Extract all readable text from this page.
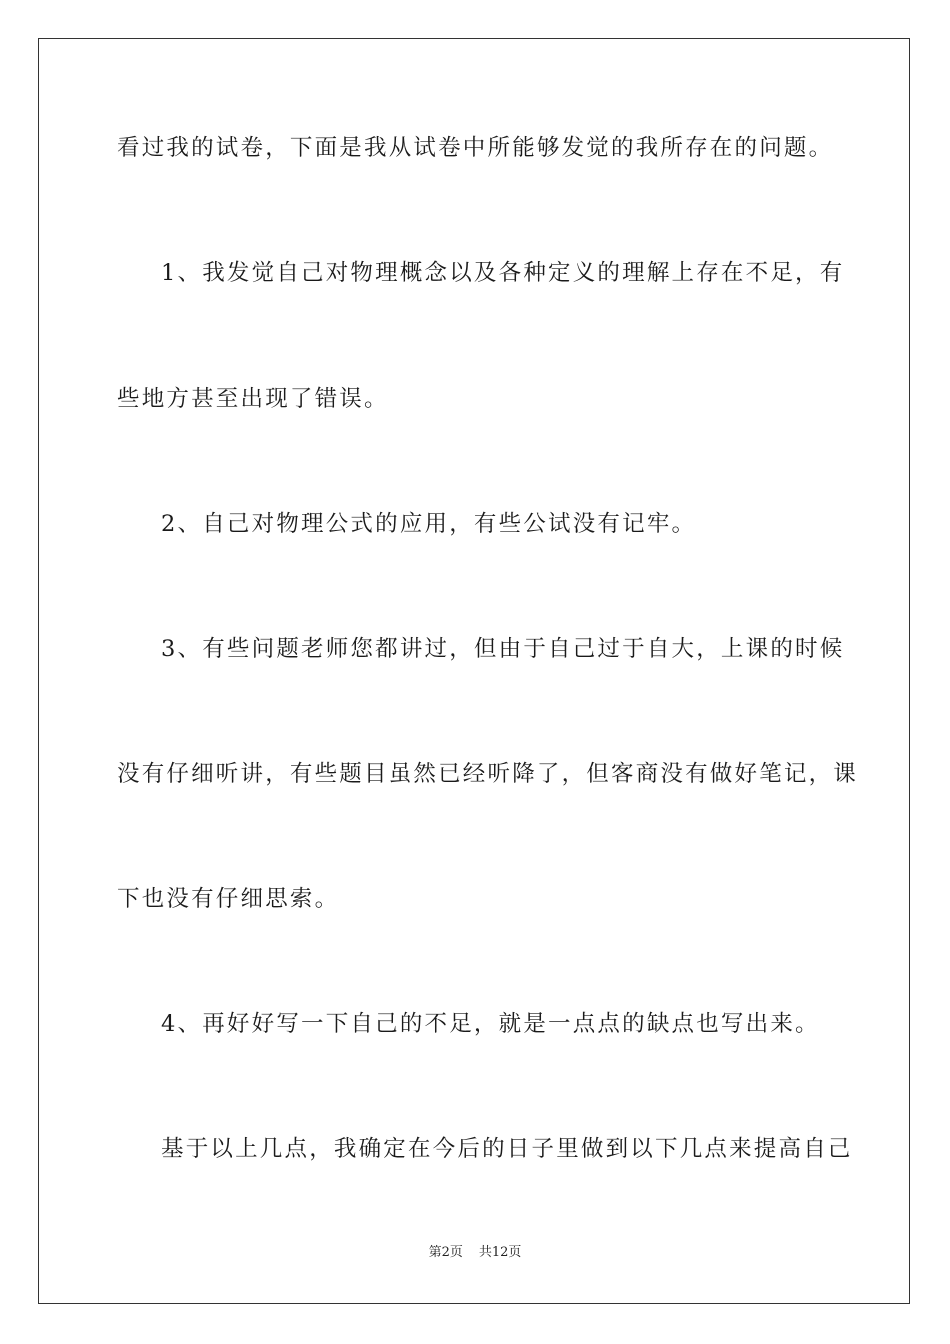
看过我的试卷，下面是我从试卷中所能够发觉的我所存在的问题。
1、我发觉自己对物理概念以及各种定义的理解上存在不足，有
些地方甚至出现了错误。
2、自己对物理公式的应用，有些公试没有记牢。
3、有些问题老师您都讲过，但由于自己过于自大，上课的时候
没有仔细听讲，有些题目虽然已经听降了，但客商没有做好笔记，课
下也没有仔细思索。
4、再好好写一下自己的不足，就是一点点的缺点也写出来。
基于以上几点，我确定在今后的日子里做到以下几点来提高自己
第2页 共12页
